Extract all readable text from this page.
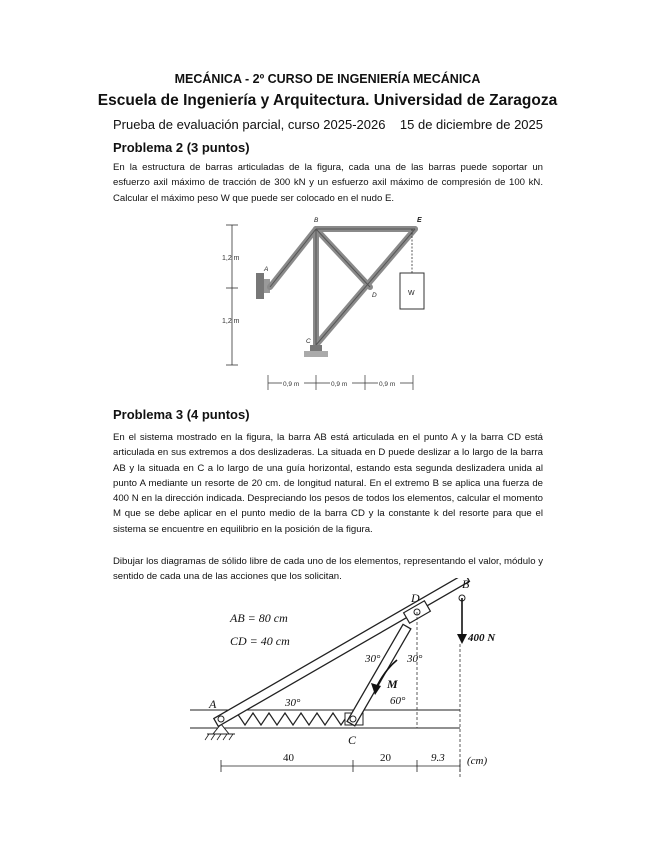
MECÁNICA - 2º CURSO DE INGENIERÍA MECÁNICA
Escuela de Ingeniería y Arquitectura. Universidad de Zaragoza
Prueba de evaluación parcial, curso 2025-2026 15 de diciembre de 2025
Problema 2 (3 puntos)
En la estructura de barras articuladas de la figura, cada una de las barras puede soportar un esfuerzo axil máximo de tracción de 300 kN y un esfuerzo axil máximo de compresión de 100 kN. Calcular el máximo peso W que puede ser colocado en el nudo E.
1,2 m
1,2 m
W
A
B
C
D
E
0,9 m	0,9 m	0,9 m
Problema 3 (4 puntos)
En el sistema mostrado en la figura, la barra AB está articulada en el punto A y la barra CD está articulada en sus extremos a dos deslizaderas. La situada en D puede deslizar a lo largo de la barra AB y la situada en C a lo largo de una guía horizontal, estando esta segunda deslizadera unida al punto A mediante un resorte de 20 cm. de longitud natural. En el extremo B se aplica una fuerza de 400 N en la dirección indicada. Despreciando los pesos de todos los elementos, calcular el momento M que se debe aplicar en el punto medio de la barra CD y la constante k del resorte para que el sistema se encuentre en equilibrio en la posición de la figura.
Dibujar los diagramas de sólido libre de cada uno de los elementos, representando el valor, módulo y sentido de cada una de las acciones que los solicitan.
AB = 80 cm
CD = 40 cm	400 N
M
30°
30° 30°
60°
A
B
C
D
40	20	9.3 (cm)
